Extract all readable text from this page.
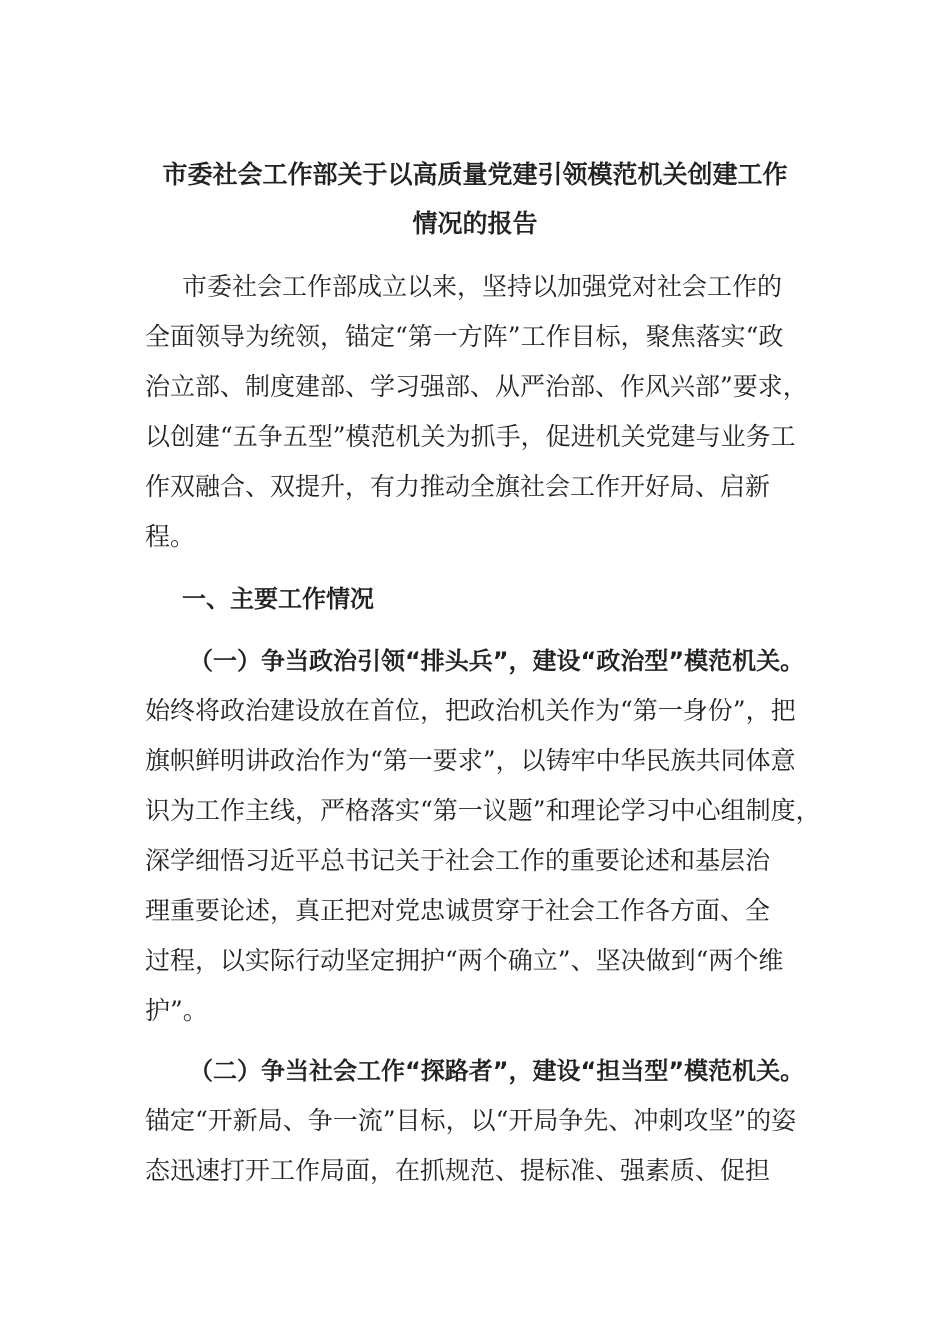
市委社会工作部关于以高质量党建引领模范机关创建工作
情况的报告
市委社会工作部成立以来，坚持以加强党对社会工作的
全面领导为统领，锚定“第一方阵”工作目标，聚焦落实“政
治立部、制度建部、学习强部、从严治部、作风兴部”要求，
以创建“五争五型”模范机关为抓手，促进机关党建与业务工
作双融合、双提升，有力推动全旗社会工作开好局、启新
程。
一、主要工作情况
（一）争当政治引领“排头兵”，建设“政治型”模范机关。
始终将政治建设放在首位，把政治机关作为“第一身份”，把
旗帜鲜明讲政治作为“第一要求”，以铸牢中华民族共同体意
识为工作主线，严格落实“第一议题”和理论学习中心组制度，
深学细悟习近平总书记关于社会工作的重要论述和基层治
理重要论述，真正把对党忠诚贯穿于社会工作各方面、全
过程，以实际行动坚定拥护“两个确立”、坚决做到“两个维
护”。
（二）争当社会工作“探路者”，建设“担当型”模范机关。
锚定“开新局、争一流”目标，以“开局争先、冲刺攻坚”的姿
态迅速打开工作局面，在抓规范、提标准、强素质、促担
